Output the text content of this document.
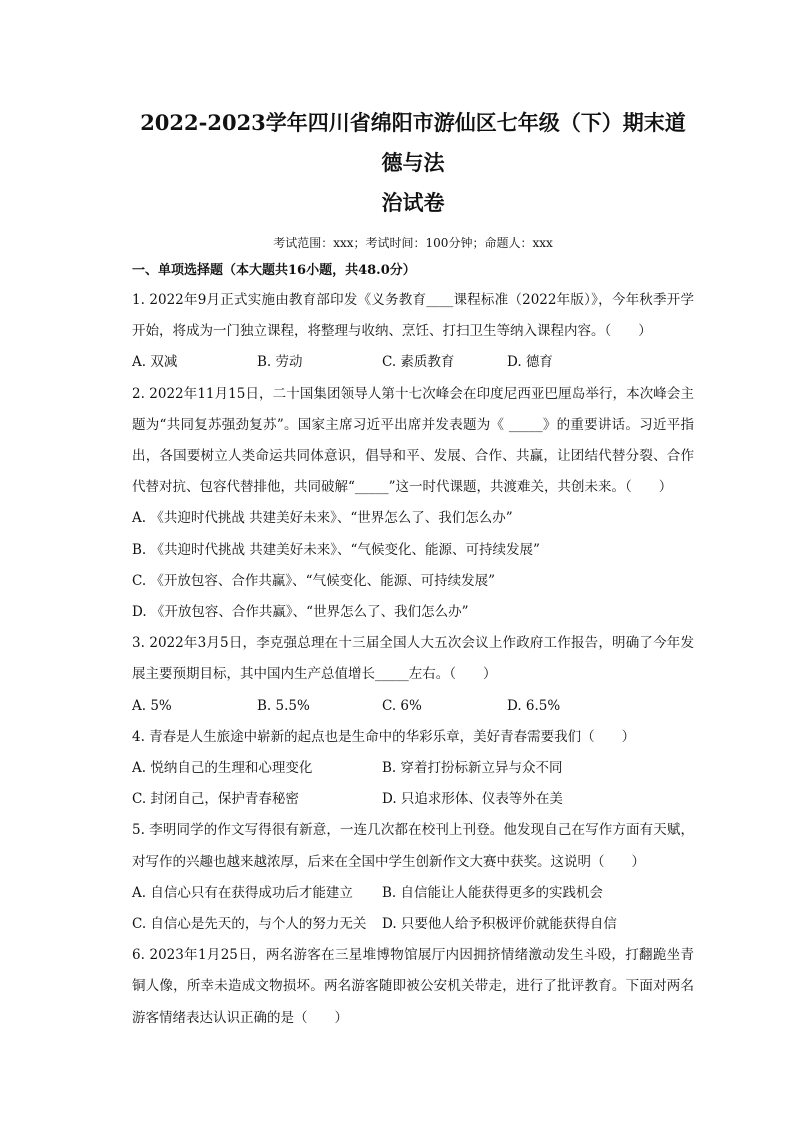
2022-2023学年四川省绵阳市游仙区七年级（下）期末道德与法
治试卷
考试范围：xxx；考试时间：100分钟；命题人：xxx
一、单项选择题（本大题共16小题，共48.0分）

1. 2022年9月正式实施由教育部印发《义务教育____课程标准（2022年版）》，今年秋季开学开始，将成为一门独立课程，将整理与收纳、烹饪、打扫卫生等纳入课程内容。（　　）

A. 双减	B. 劳动	C. 素质教育	D. 德育

2. 2022年11月15日，二十国集团领导人第十七次峰会在印度尼西亚巴厘岛举行，本次峰会主题为“共同复苏强劲复苏”。国家主席习近平出席并发表题为《 _____》的重要讲话。习近平指出，各国要树立人类命运共同体意识，倡导和平、发展、合作、共赢，让团结代替分裂、合作代替对抗、包容代替排他，共同破解“_____”这一时代课题，共渡难关，共创未来。（　　）

A. 《共迎时代挑战 共建美好未来》、“世界怎么了、我们怎么办”
B. 《共迎时代挑战 共建美好未来》、“气候变化、能源、可持续发展”
C. 《开放包容、合作共赢》、“气候变化、能源、可持续发展”
D. 《开放包容、合作共赢》、“世界怎么了、我们怎么办”

3. 2022年3月5日，李克强总理在十三届全国人大五次会议上作政府工作报告，明确了今年发展主要预期目标，其中国内生产总值增长_____左右。（　　）

A. 5%	B. 5.5%	C. 6%	D. 6.5%

4. 青春是人生旅途中崭新的起点也是生命中的华彩乐章，美好青春需要我们（　　）

A. 悦纳自己的生理和心理变化	B. 穿着打扮标新立异与众不同
C. 封闭自己，保护青春秘密	D. 只追求形体、仪表等外在美

5. 李明同学的作文写得很有新意，一连几次都在校刊上刊登。他发现自己在写作方面有天赋，对写作的兴趣也越来越浓厚，后来在全国中学生创新作文大赛中获奖。这说明（　　）

A. 自信心只有在获得成功后才能建立	B. 自信能让人能获得更多的实践机会
C. 自信心是先天的，与个人的努力无关	D. 只要他人给予积极评价就能获得自信

6. 2023年1月25日，两名游客在三星堆博物馆展厅内因拥挤情绪激动发生斗殴，打翻跪坐青铜人像，所幸未造成文物损坏。两名游客随即被公安机关带走，进行了批评教育。下面对两名游客情绪表达认识正确的是（　　）
